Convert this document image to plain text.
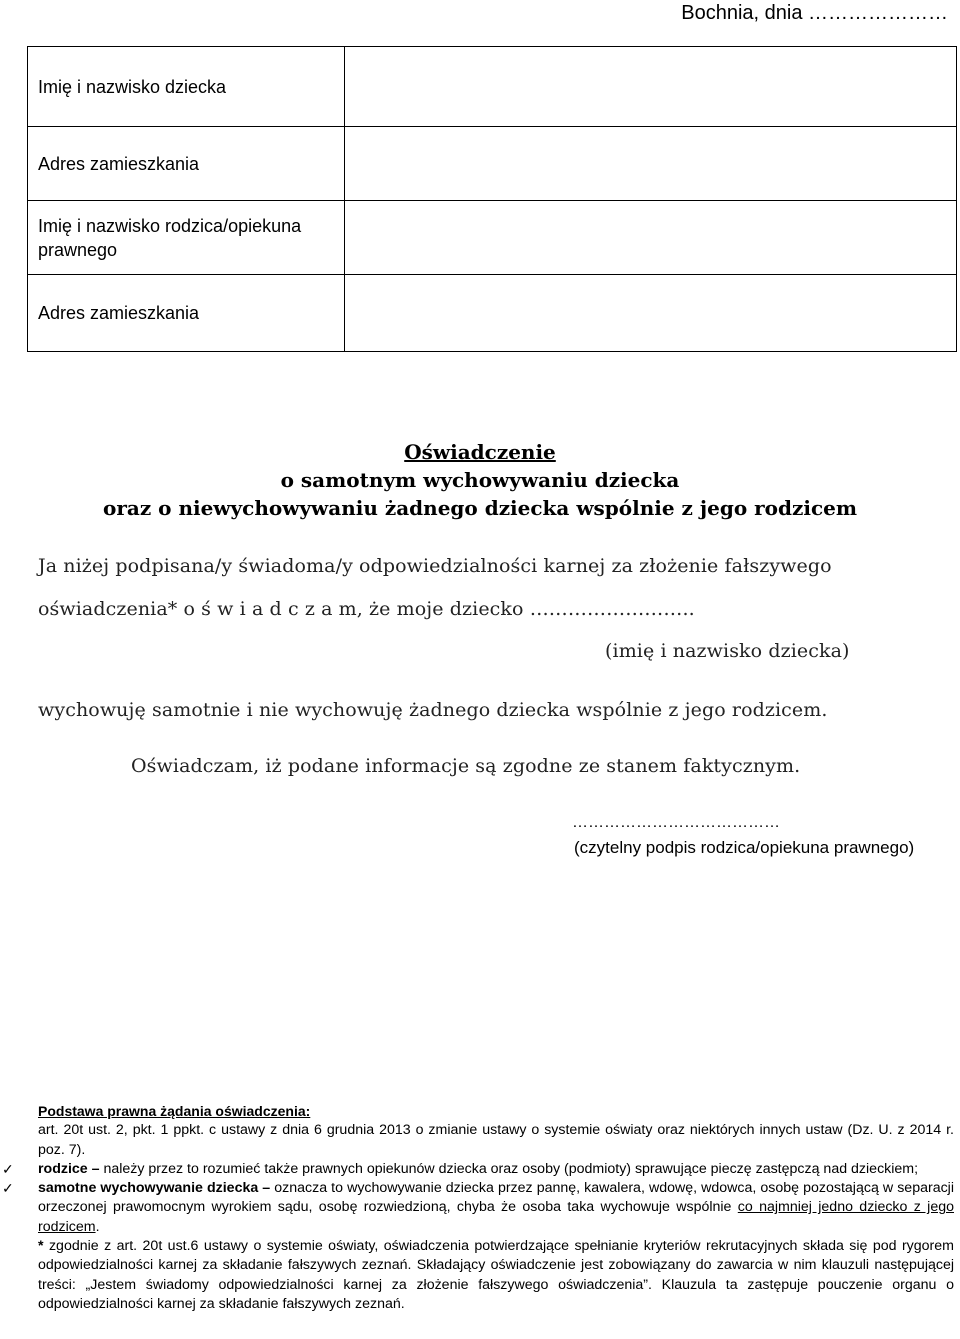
Bochnia, dnia …………………
Imię i nazwisko dziecka	
Adres zamieszkania	
Imię i nazwisko rodzica/opiekuna prawnego	
Adres zamieszkania	
Oświadczenie
o samotnym wychowywaniu dziecka
oraz o niewychowywaniu żadnego dziecka wspólnie z jego rodzicem
Ja niżej podpisana/y świadoma/y odpowiedzialności karnej za złożenie fałszywego
oświadczenia* o ś w i a d c z a m, że moje dziecko ……………………..
(imię i nazwisko dziecka)
wychowuję samotnie i nie wychowuję żadnego dziecka wspólnie z jego rodzicem.
Oświadczam, iż podane informacje są zgodne ze stanem faktycznym.
…………………………………
(czytelny podpis rodzica/opiekuna prawnego)

Podstawa prawna żądania oświadczenia:

art. 20t ust. 2, pkt. 1 ppkt. c ustawy z dnia 6 grudnia 2013 o zmianie ustawy o systemie oświaty oraz niektórych innych ustaw (Dz. U. z 2014 r. poz. 7).

✓ rodzice – należy przez to rozumieć także prawnych opiekunów dziecka oraz osoby (podmioty) sprawujące pieczę zastępczą nad dzieckiem;

✓ samotne wychowywanie dziecka – oznacza to wychowywanie dziecka przez pannę, kawalera, wdowę, wdowca, osobę pozostającą w separacji orzeczonej prawomocnym wyrokiem sądu, osobę rozwiedzioną, chyba że osoba taka wychowuje wspólnie co najmniej jedno dziecko z jego rodzicem.

* zgodnie z art. 20t ust.6 ustawy o systemie oświaty, oświadczenia potwierdzające spełnianie kryteriów rekrutacyjnych składa się pod rygorem odpowiedzialności karnej za składanie fałszywych zeznań. Składający oświadczenie jest zobowiązany do zawarcia w nim klauzuli następującej treści: „Jestem świadomy odpowiedzialności karnej za złożenie fałszywego oświadczenia”. Klauzula ta zastępuje pouczenie organu o odpowiedzialności karnej za składanie fałszywych zeznań.
